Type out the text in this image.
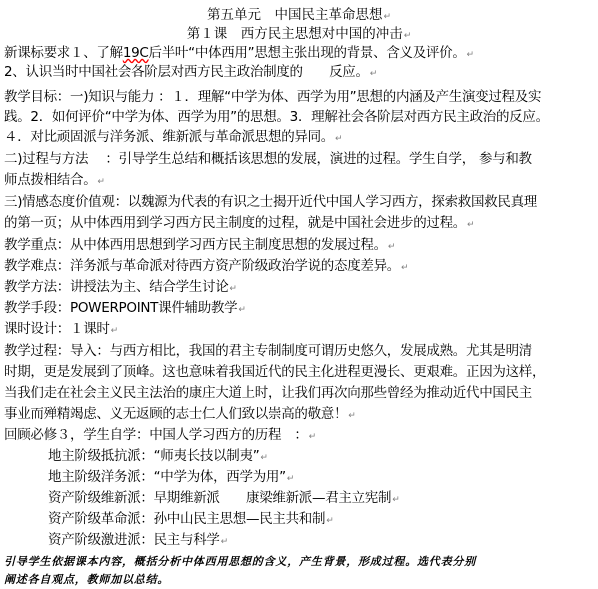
第五单元　中国民主革命思想↵
第１课　西方民主思想对中国的冲击↵
新课标要求１、了解19C后半叶“中体西用”思想主张出现的背景、含义及评价。↵
2、认识当时中国社会各阶层对西方民主政治制度的　　反应。↵
教学目标：一)知识与能力 ：１．理解“中学为体、西学为用”思想的内涵及产生演变过程及实
践。2．如何评价“中学为体、西学为用”的思想。3．理解社会各阶层对西方民主政治的反应。
４．对比顽固派与洋务派、维新派与革命派思想的异同。↵
二)过程与方法　 ：引导学生总结和概括该思想的发展，演进的过程。学生自学， 参与和教
师点拨相结合。↵
三)情感态度价值观：以魏源为代表的有识之士揭开近代中国人学习西方，探索救国救民真理
的第一页；从中体西用到学习西方民主制度的过程，就是中国社会进步的过程。↵
教学重点：从中体西用思想到学习西方民主制度思想的发展过程。↵
教学难点：洋务派与革命派对待西方资产阶级政治学说的态度差异。↵
教学方法：讲授法为主、结合学生讨论↵
教学手段：POWERPOINT课件辅助教学↵
课时设计：１课时↵
教学过程：导入：与西方相比，我国的君主专制制度可谓历史悠久，发展成熟。尤其是明清
时期，更是发展到了顶峰。这也意味着我国近代的民主化进程更漫长、更艰难。正因为这样，
当我们走在社会主义民主法治的康庄大道上时，让我们再次向那些曾经为推动近代中国民主
事业而殚精竭虑、义无返顾的志士仁人们致以崇高的敬意！↵
回顾必修３，学生自学：中国人学习西方的历程　：↵
地主阶级抵抗派：“师夷长技以制夷”↵
地主阶级洋务派：“中学为体，西学为用”↵
资产阶级维新派：早期维新派　　康梁维新派—君主立宪制↵
资产阶级革命派：孙中山民主思想—民主共和制↵
资产阶级激进派：民主与科学↵
引导学生依据课本内容，概括分析中体西用思想的含义，产生背景，形成过程。选代表分别
阐述各自观点，教师加以总结。
